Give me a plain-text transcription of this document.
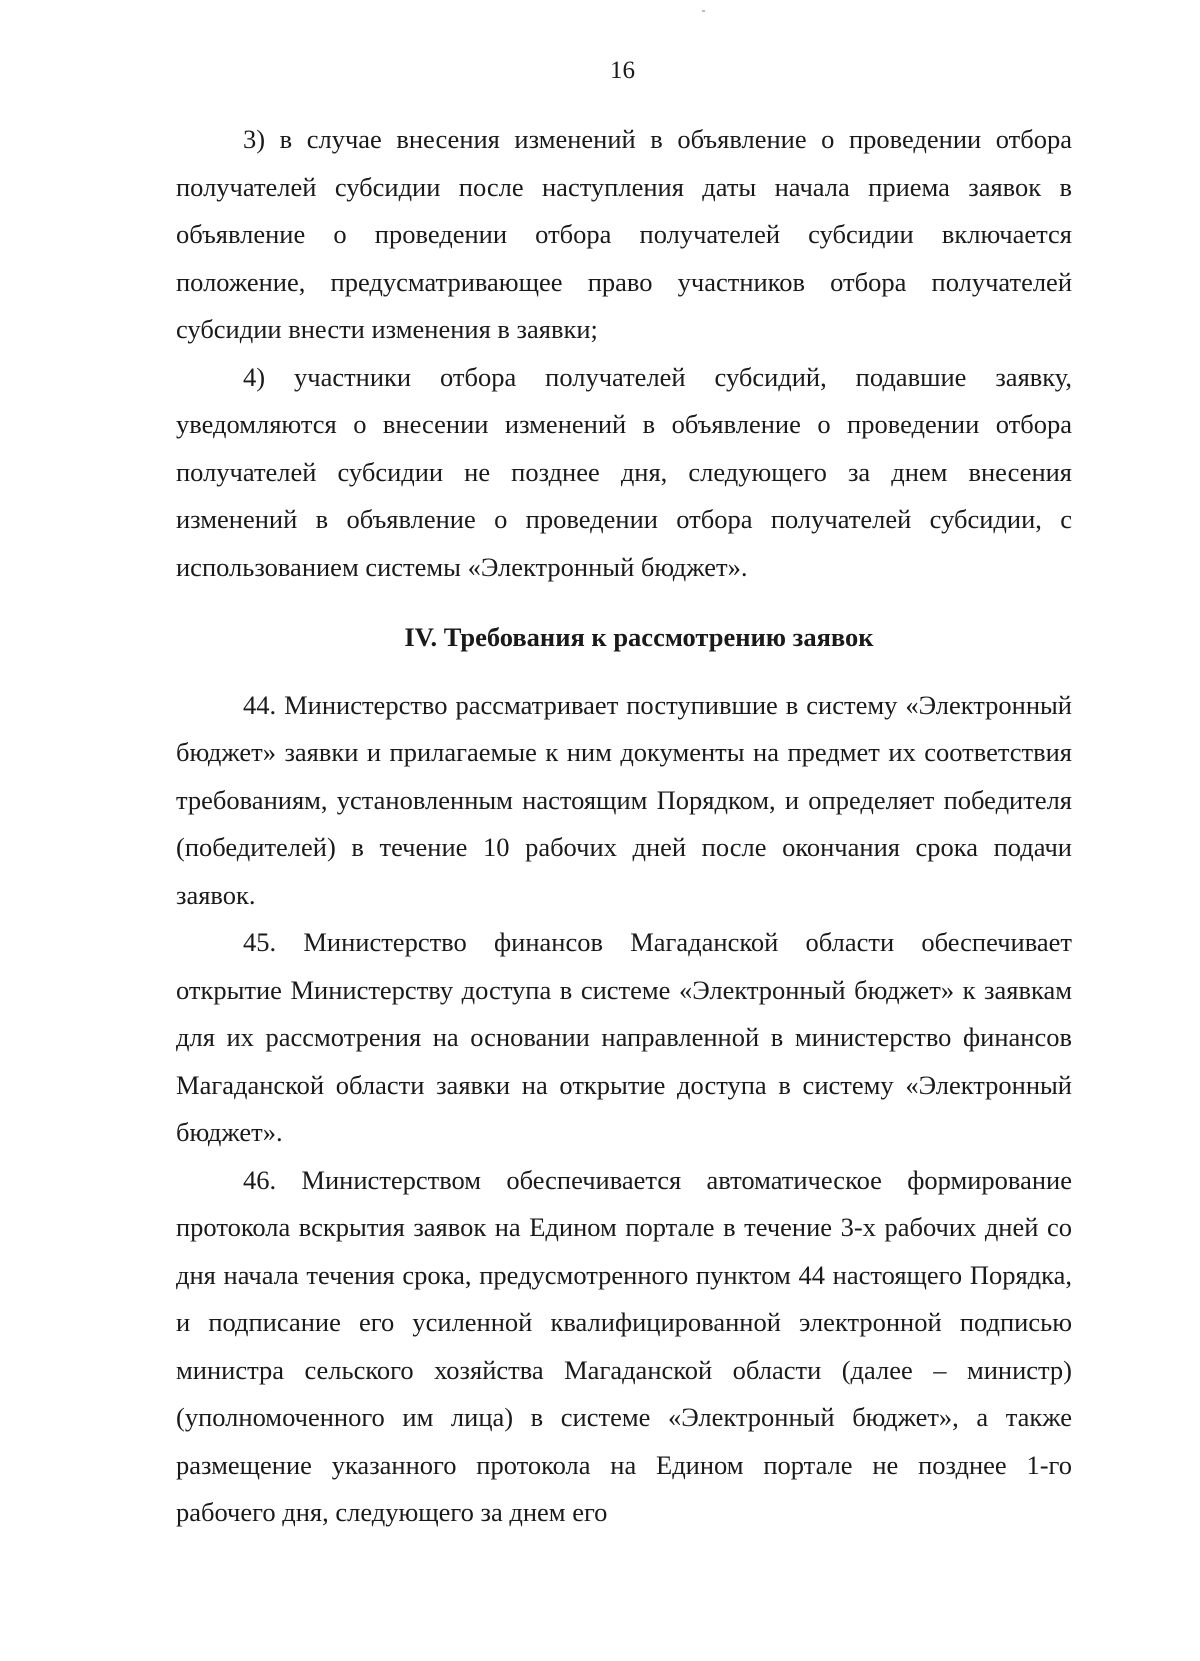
16

3) в случае внесения изменений в объявление о проведении отбора получателей субсидии после наступления даты начала приема заявок в объявление о проведении отбора получателей субсидии включается положение, предусматривающее право участников отбора получателей субсидии внести изменения в заявки;

4) участники отбора получателей субсидий, подавшие заявку, уведомляются о внесении изменений в объявление о проведении отбора получателей субсидии не позднее дня, следующего за днем внесения изменений в объявление о проведении отбора получателей субсидии, с использованием системы «Электронный бюджет».

IV. Требования к рассмотрению заявок

44. Министерство рассматривает поступившие в систему «Электронный бюджет» заявки и прилагаемые к ним документы на предмет их соответствия требованиям, установленным настоящим Порядком, и определяет победителя (победителей) в течение 10 рабочих дней после окончания срока подачи заявок.

45. Министерство финансов Магаданской области обеспечивает открытие Министерству доступа в системе «Электронный бюджет» к заявкам для их рассмотрения на основании направленной в министерство финансов Магаданской области заявки на открытие доступа в систему «Электронный бюджет».

46. Министерством обеспечивается автоматическое формирование протокола вскрытия заявок на Едином портале в течение 3-х рабочих дней со дня начала течения срока, предусмотренного пунктом 44 настоящего Порядка, и подписание его усиленной квалифицированной электронной подписью министра сельского хозяйства Магаданской области (далее – министр) (уполномоченного им лица) в системе «Электронный бюджет», а также размещение указанного протокола на Едином портале не позднее 1-го рабочего дня, следующего за днем его
